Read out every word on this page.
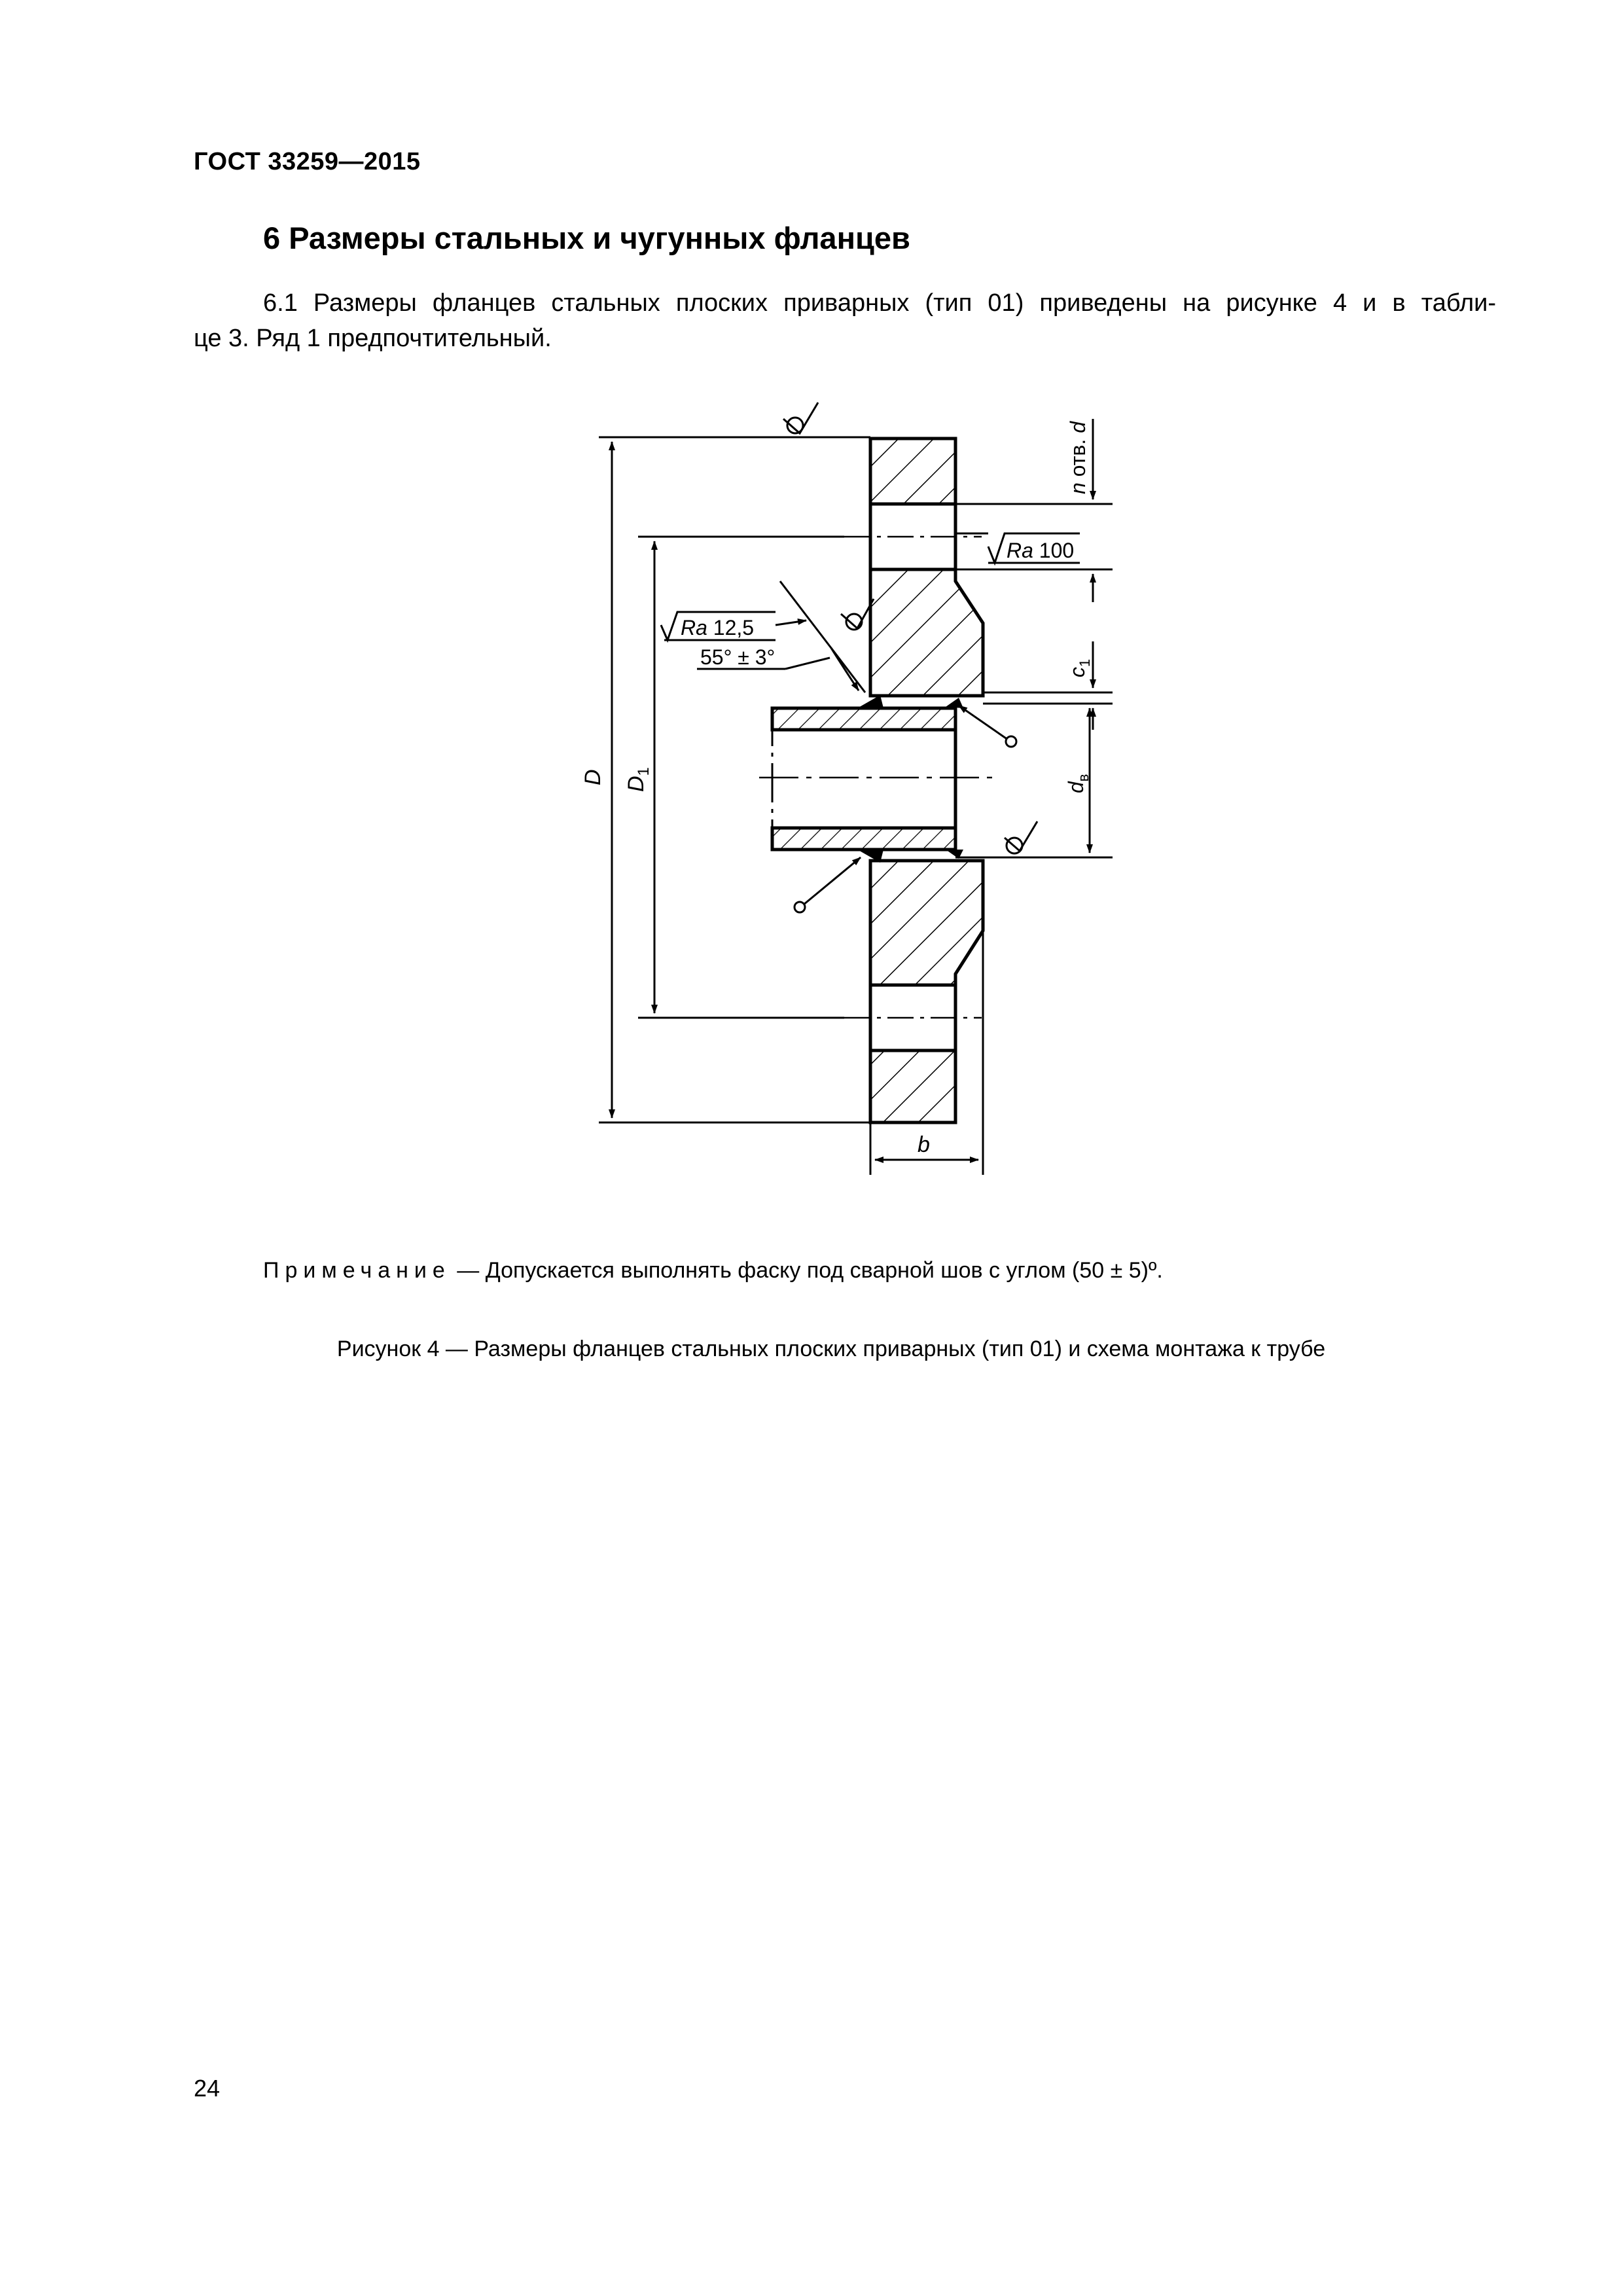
ГОСТ 33259—2015
6 Размеры стальных и чугунных фланцев
6.1 Размеры фланцев стальных плоских приварных (тип 01) приведены на рисунке 4 и в табли-
це 3. Ряд 1 предпочтительный.
D $D_1$
b
n отв. d
$c_1$
$d_в$
Ra 100
Ra 12,5
55° ± 3°
Примечание — Допускается выполнять фаску под сварной шов с углом (50 ± 5)º.
Рисунок 4 — Размеры фланцев стальных плоских приварных (тип 01) и схема монтажа к трубе
24
